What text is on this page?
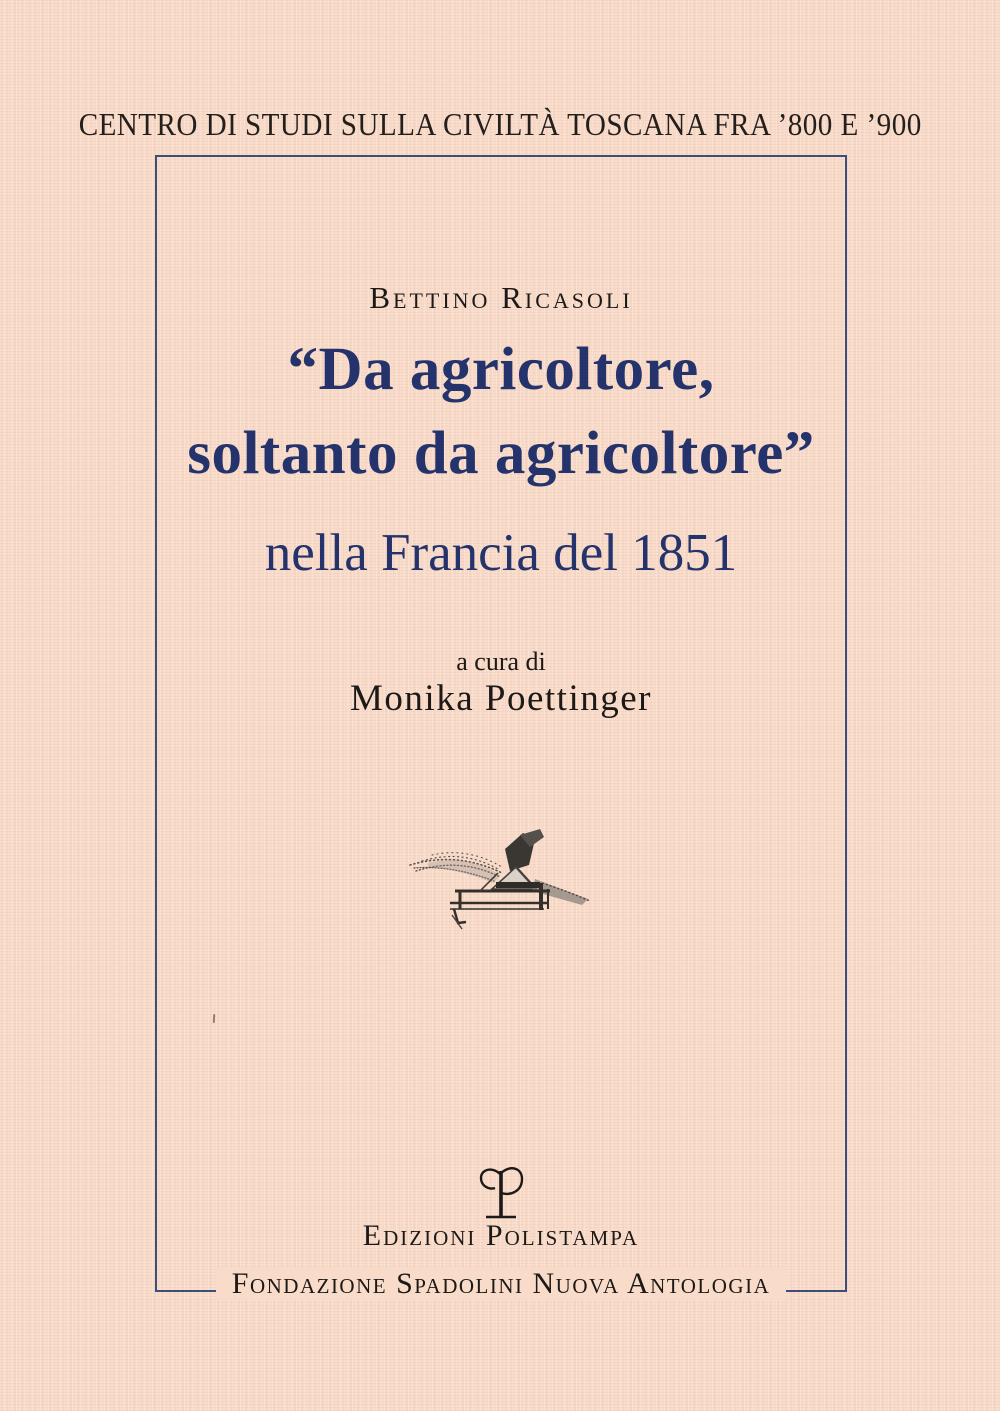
CENTRO DI STUDI SULLA CIVILTÀ TOSCANA FRA ’800 E ’900
Bettino Ricasoli
“Da agricoltore,
soltanto da agricoltore”
nella Francia del 1851
a cura di
Monika Poettinger
Edizioni Polistampa
Fondazione Spadolini Nuova Antologia
